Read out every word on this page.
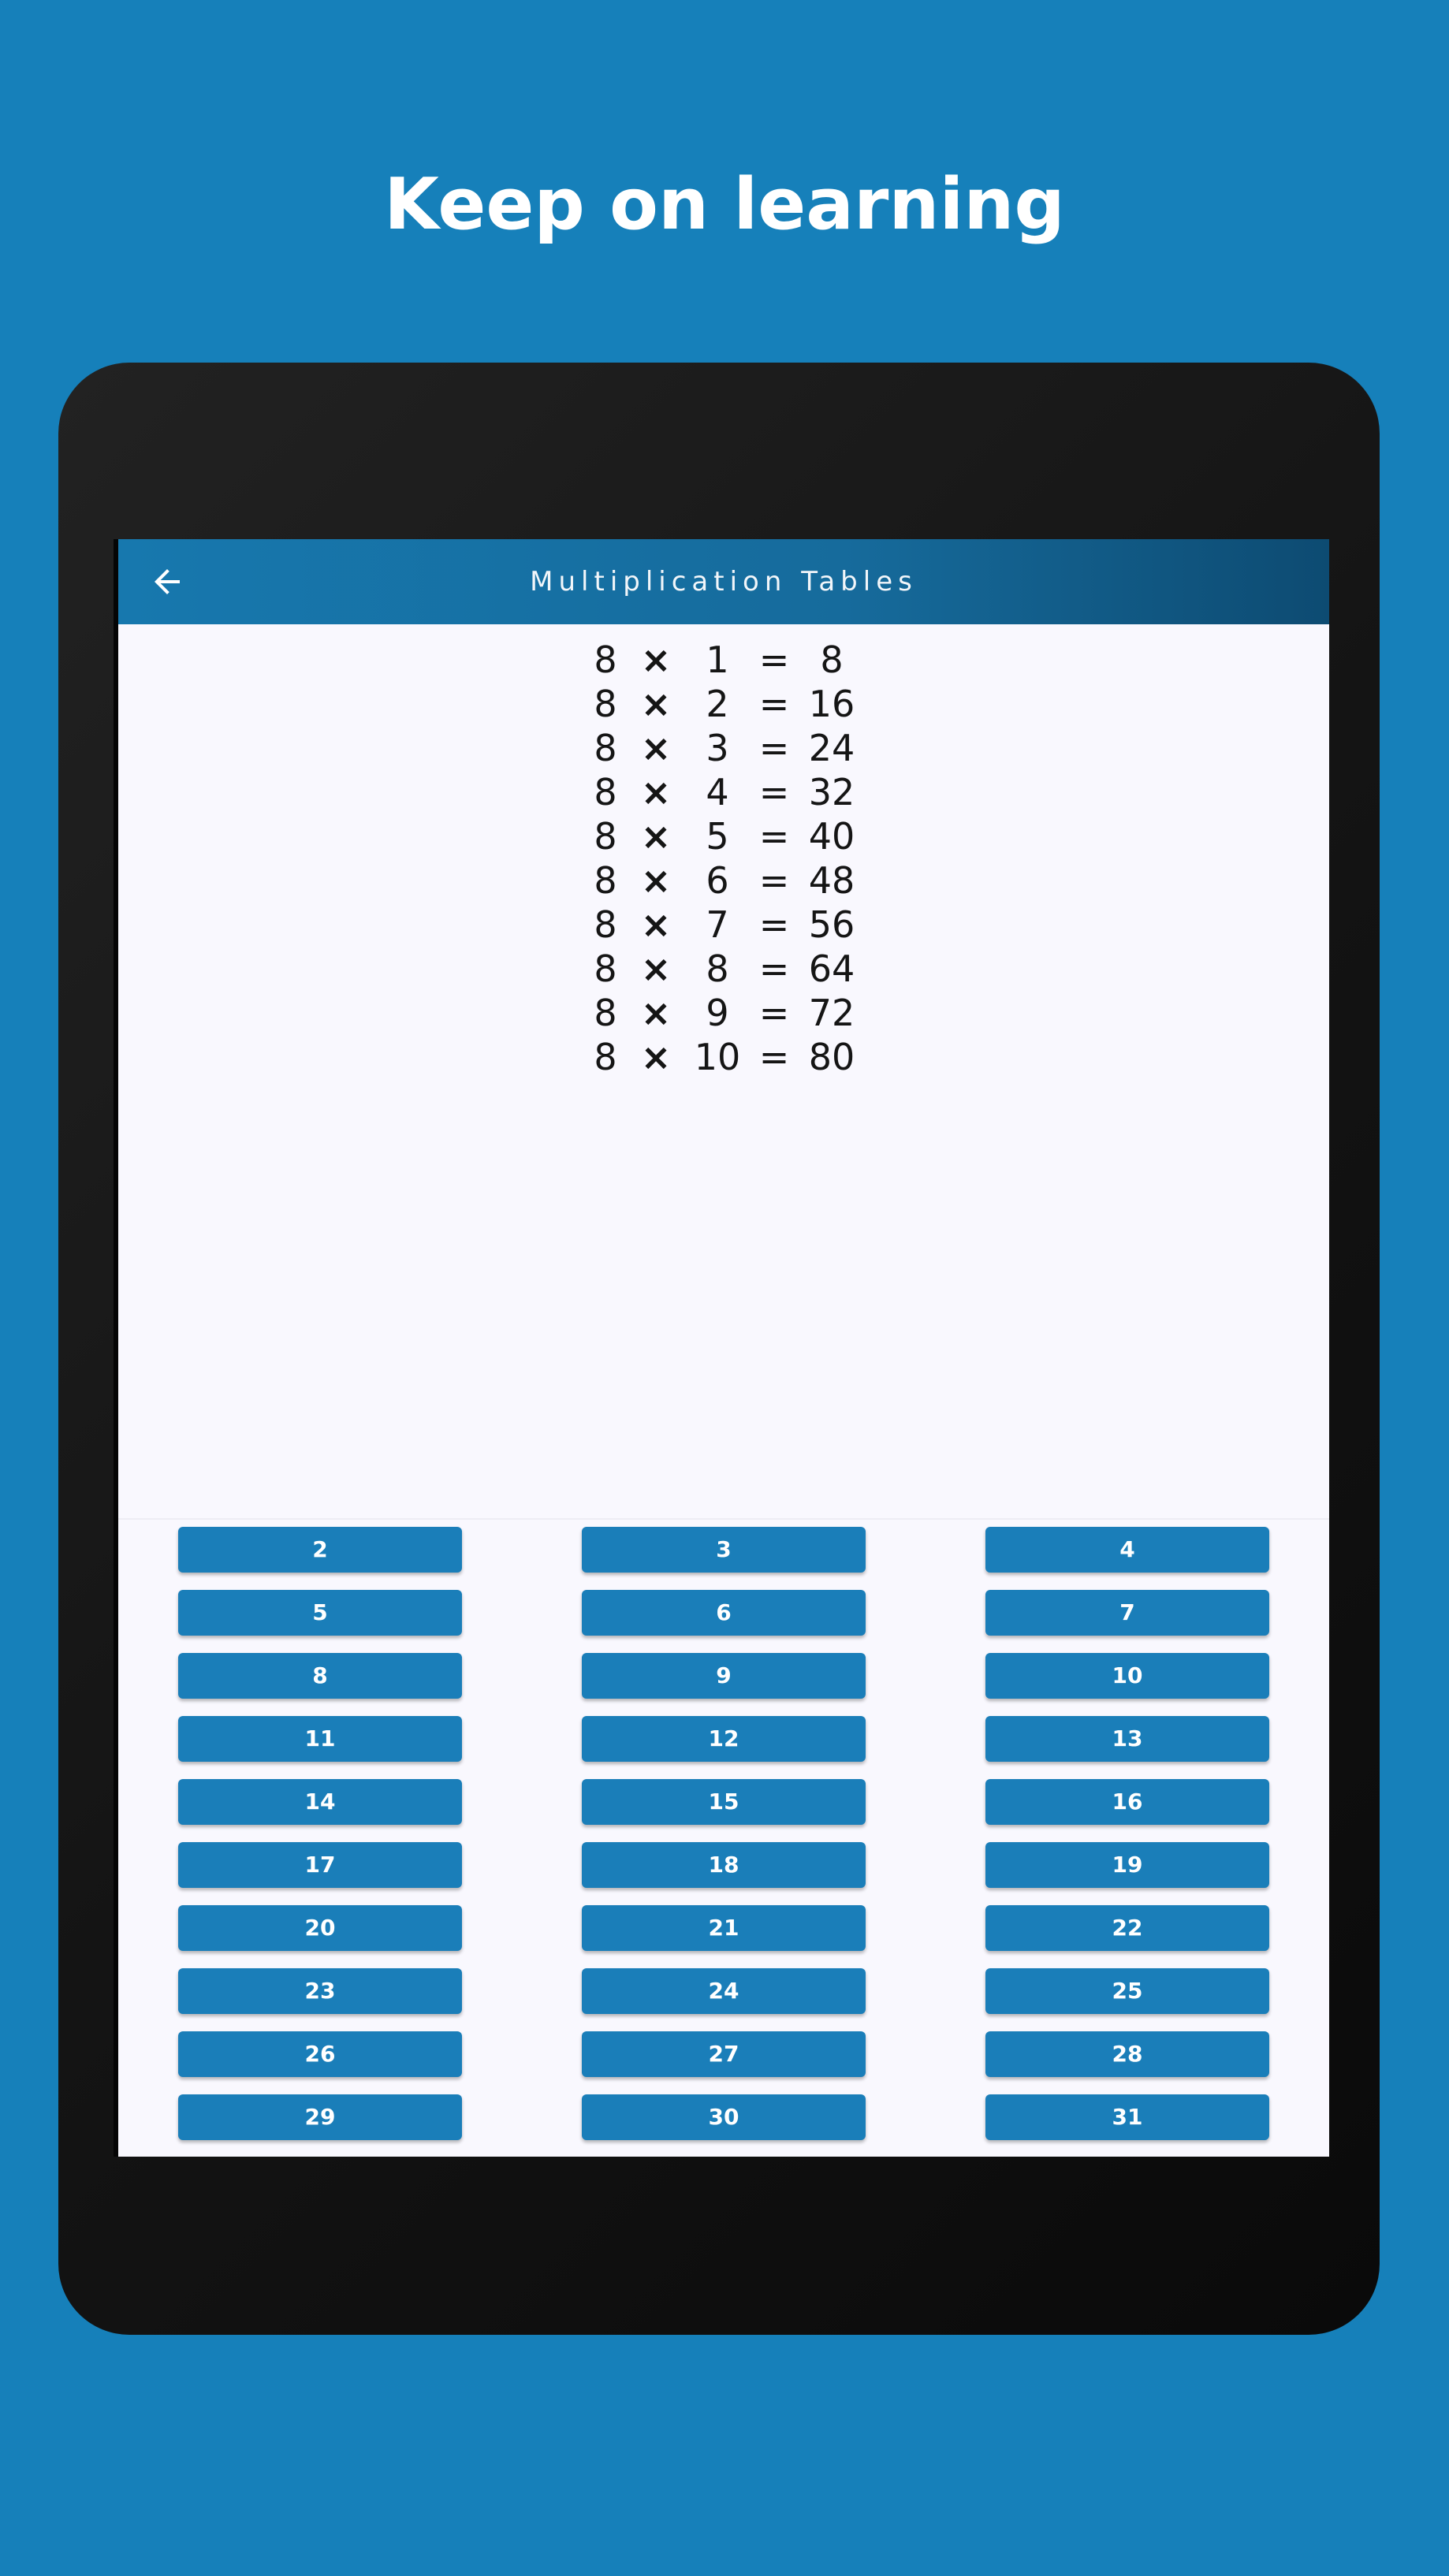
Keep on learning
Multiplication Tables
8 × 1 = 8
8 × 2 = 16
8 × 3 = 24
8 × 4 = 32
8 × 5 = 40
8 × 6 = 48
8 × 7 = 56
8 × 8 = 64
8 × 9 = 72
8 × 10 = 80
2	3	4
5	6	7
8	9	10
11	12	13
14	15	16
17	18	19
20	21	22
23	24	25
26	27	28
29	30	31
